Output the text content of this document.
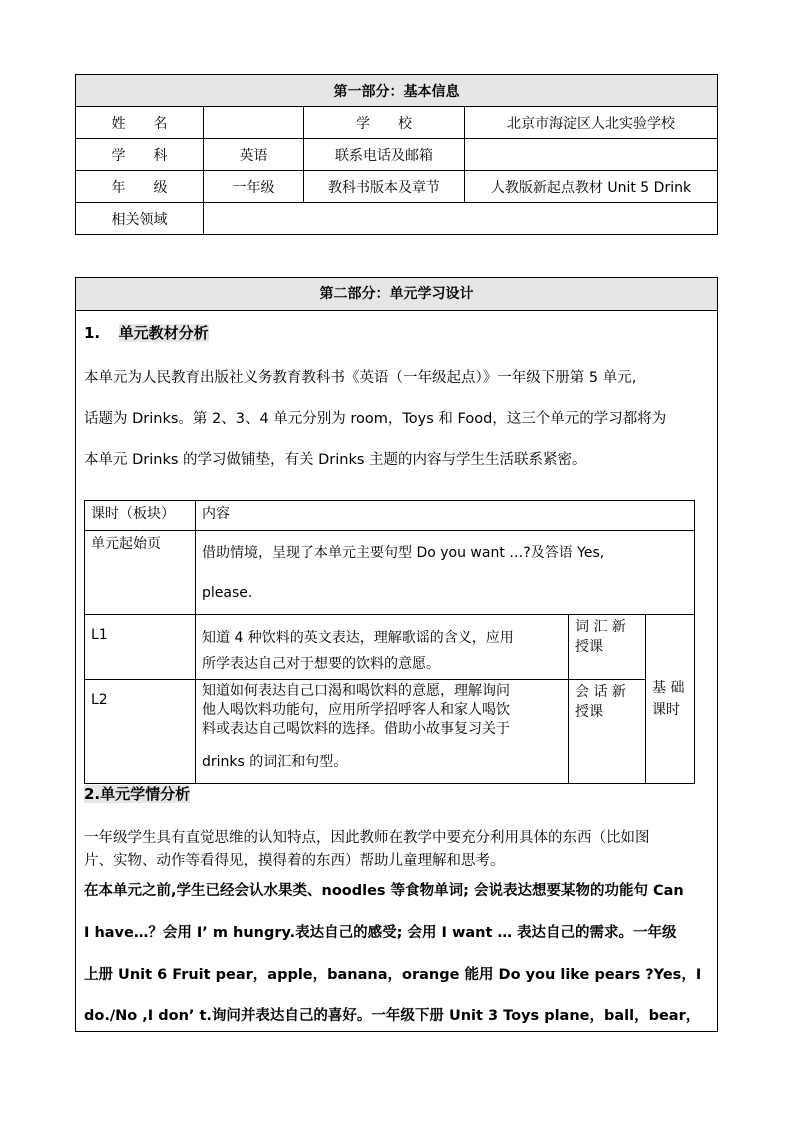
第一部分：基本信息			
姓　　名		学　　校	北京市海淀区人北实验学校
学　　科	英语	联系电话及邮箱	
年　　级	一年级	教科书版本及章节	人教版新起点教材 Unit 5 Drink
相关领域			
第二部分：单元学习设计
1. 单元教材分析
本单元为人民教育出版社义务教育教科书《英语（一年级起点）》一年级下册第 5 单元,
话题为 Drinks。第 2、3、4 单元分别为 room，Toys 和 Food，这三个单元的学习都将为
本单元 Drinks 的学习做铺垫，有关 Drinks 主题的内容与学生生活联系紧密。
课时（板块）	内容		
单元起始页	借助情境，呈现了本单元主要句型 Do you want …?及答语 Yes,
please.		

L1	知道 4 种饮料的英文表达，理解歌谣的含义，应用
所学表达自己对于想要的饮料的意愿。	词 汇 新授课	基 础课时
L2	知道如何表达自己口渴和喝饮料的意愿，理解询问
他人喝饮料功能句，应用所学招呼客人和家人喝饮
料或表达自己喝饮料的选择。借助小故事复习关于
drinks 的词汇和句型。	会 话 新授课	
2.单元学情分析
一年级学生具有直觉思维的认知特点，因此教师在教学中要充分利用具体的东西（比如图
片、实物、动作等看得见，摸得着的东西）帮助儿童理解和思考。
在本单元之前,学生已经会认水果类、noodles 等食物单词; 会说表达想要某物的功能句 Can
I have…？会用 I’ m hungry.表达自己的感受; 会用 I want … 表达自己的需求。一年级
上册 Unit 6 Fruit pear，apple，banana，orange 能用 Do you like pears ?Yes，I
do./No ,I don’ t.询问并表达自己的喜好。一年级下册 Unit 3 Toys plane，ball，bear，
